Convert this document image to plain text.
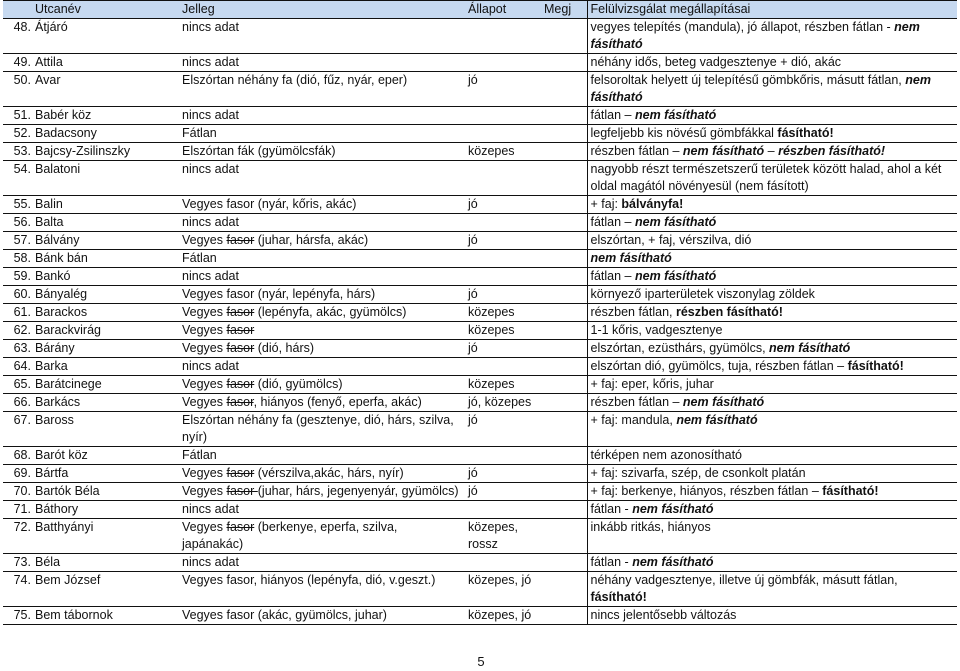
Utcanév	Jelleg	Állapot	Megj	Felülvizsgálat megállapításai
48. Átjáró	nincs adat			vegyes telepítés (mandula), jó állapot, részben fátlan - nem fásítható
49. Attila	nincs adat			néhány idős, beteg vadgesztenye + dió, akác
50. Avar	Elszórtan néhány fa (dió, fűz, nyár, eper)	jó		felsoroltak helyett új telepítésű gömbkőris, másutt fátlan, nem fásítható
51. Babér köz	nincs adat			fátlan – nem fásítható
52. Badacsony	Fátlan			legfeljebb kis növésű gömbfákkal fásítható!
53. Bajcsy-Zsilinszky	Elszórtan fák (gyümölcsfák)	közepes		részben fátlan – nem fásítható – részben fásítható!
54. Balatoni	nincs adat			nagyobb részt természetszerű területek között halad, ahol a két oldal magától növényesül (nem fásított)
55. Balin	Vegyes fasor (nyár, kőris, akác)	jó		+ faj: bálványfa!
56. Balta	nincs adat			fátlan – nem fásítható
57. Bálvány	Vegyes fasor (juhar, hársfa, akác)	jó		elszórtan, + faj, vérszilva, dió
58. Bánk bán	Fátlan			nem fásítható
59. Bankó	nincs adat			fátlan – nem fásítható
60. Bányalég	Vegyes fasor (nyár, lepényfa, hárs)	jó		környező iparterületek viszonylag zöldek
61. Barackos	Vegyes fasor (lepényfa, akác, gyümölcs)	közepes		részben fátlan, részben fásítható!
62. Barackvirág	Vegyes fasor	közepes		1-1 kőris, vadgesztenye
63. Bárány	Vegyes fasor (dió, hárs)	jó		elszórtan, ezüsthárs, gyümölcs, nem fásítható
64. Barka	nincs adat			elszórtan dió, gyümölcs, tuja, részben fátlan – fásítható!
65. Barátcinege	Vegyes fasor (dió, gyümölcs)	közepes		+ faj: eper, kőris, juhar
66. Barkács	Vegyes fasor, hiányos (fenyő, eperfa, akác)	jó, közepes		részben fátlan – nem fásítható
67. Baross	Elszórtan néhány fa (gesztenye, dió, hárs, szilva, nyír)	jó		+ faj: mandula, nem fásítható
68. Barót köz	Fátlan			térképen nem azonosítható
69. Bártfa	Vegyes fasor (vérszilva,akác, hárs, nyír)	jó		+ faj: szivarfa, szép, de csonkolt platán
70. Bartók Béla	Vegyes fasor (juhar, hárs, jegenyenyár, gyümölcs)	jó		+ faj: berkenye, hiányos, részben fátlan – fásítható!
71. Báthory	nincs adat			fátlan - nem fásítható
72. Batthyányi	Vegyes fasor (berkenye, eperfa, szilva, japánakác)	közepes, rossz		inkább ritkás, hiányos
73. Béla	nincs adat			fátlan - nem fásítható
74. Bem József	Vegyes fasor, hiányos (lepényfa, dió, v.geszt.)	közepes, jó		néhány vadgesztenye, illetve új gömbfák, másutt fátlan, fásítható!
75. Bem tábornok	Vegyes fasor (akác, gyümölcs, juhar)	közepes, jó		nincs jelentősebb változás
5
